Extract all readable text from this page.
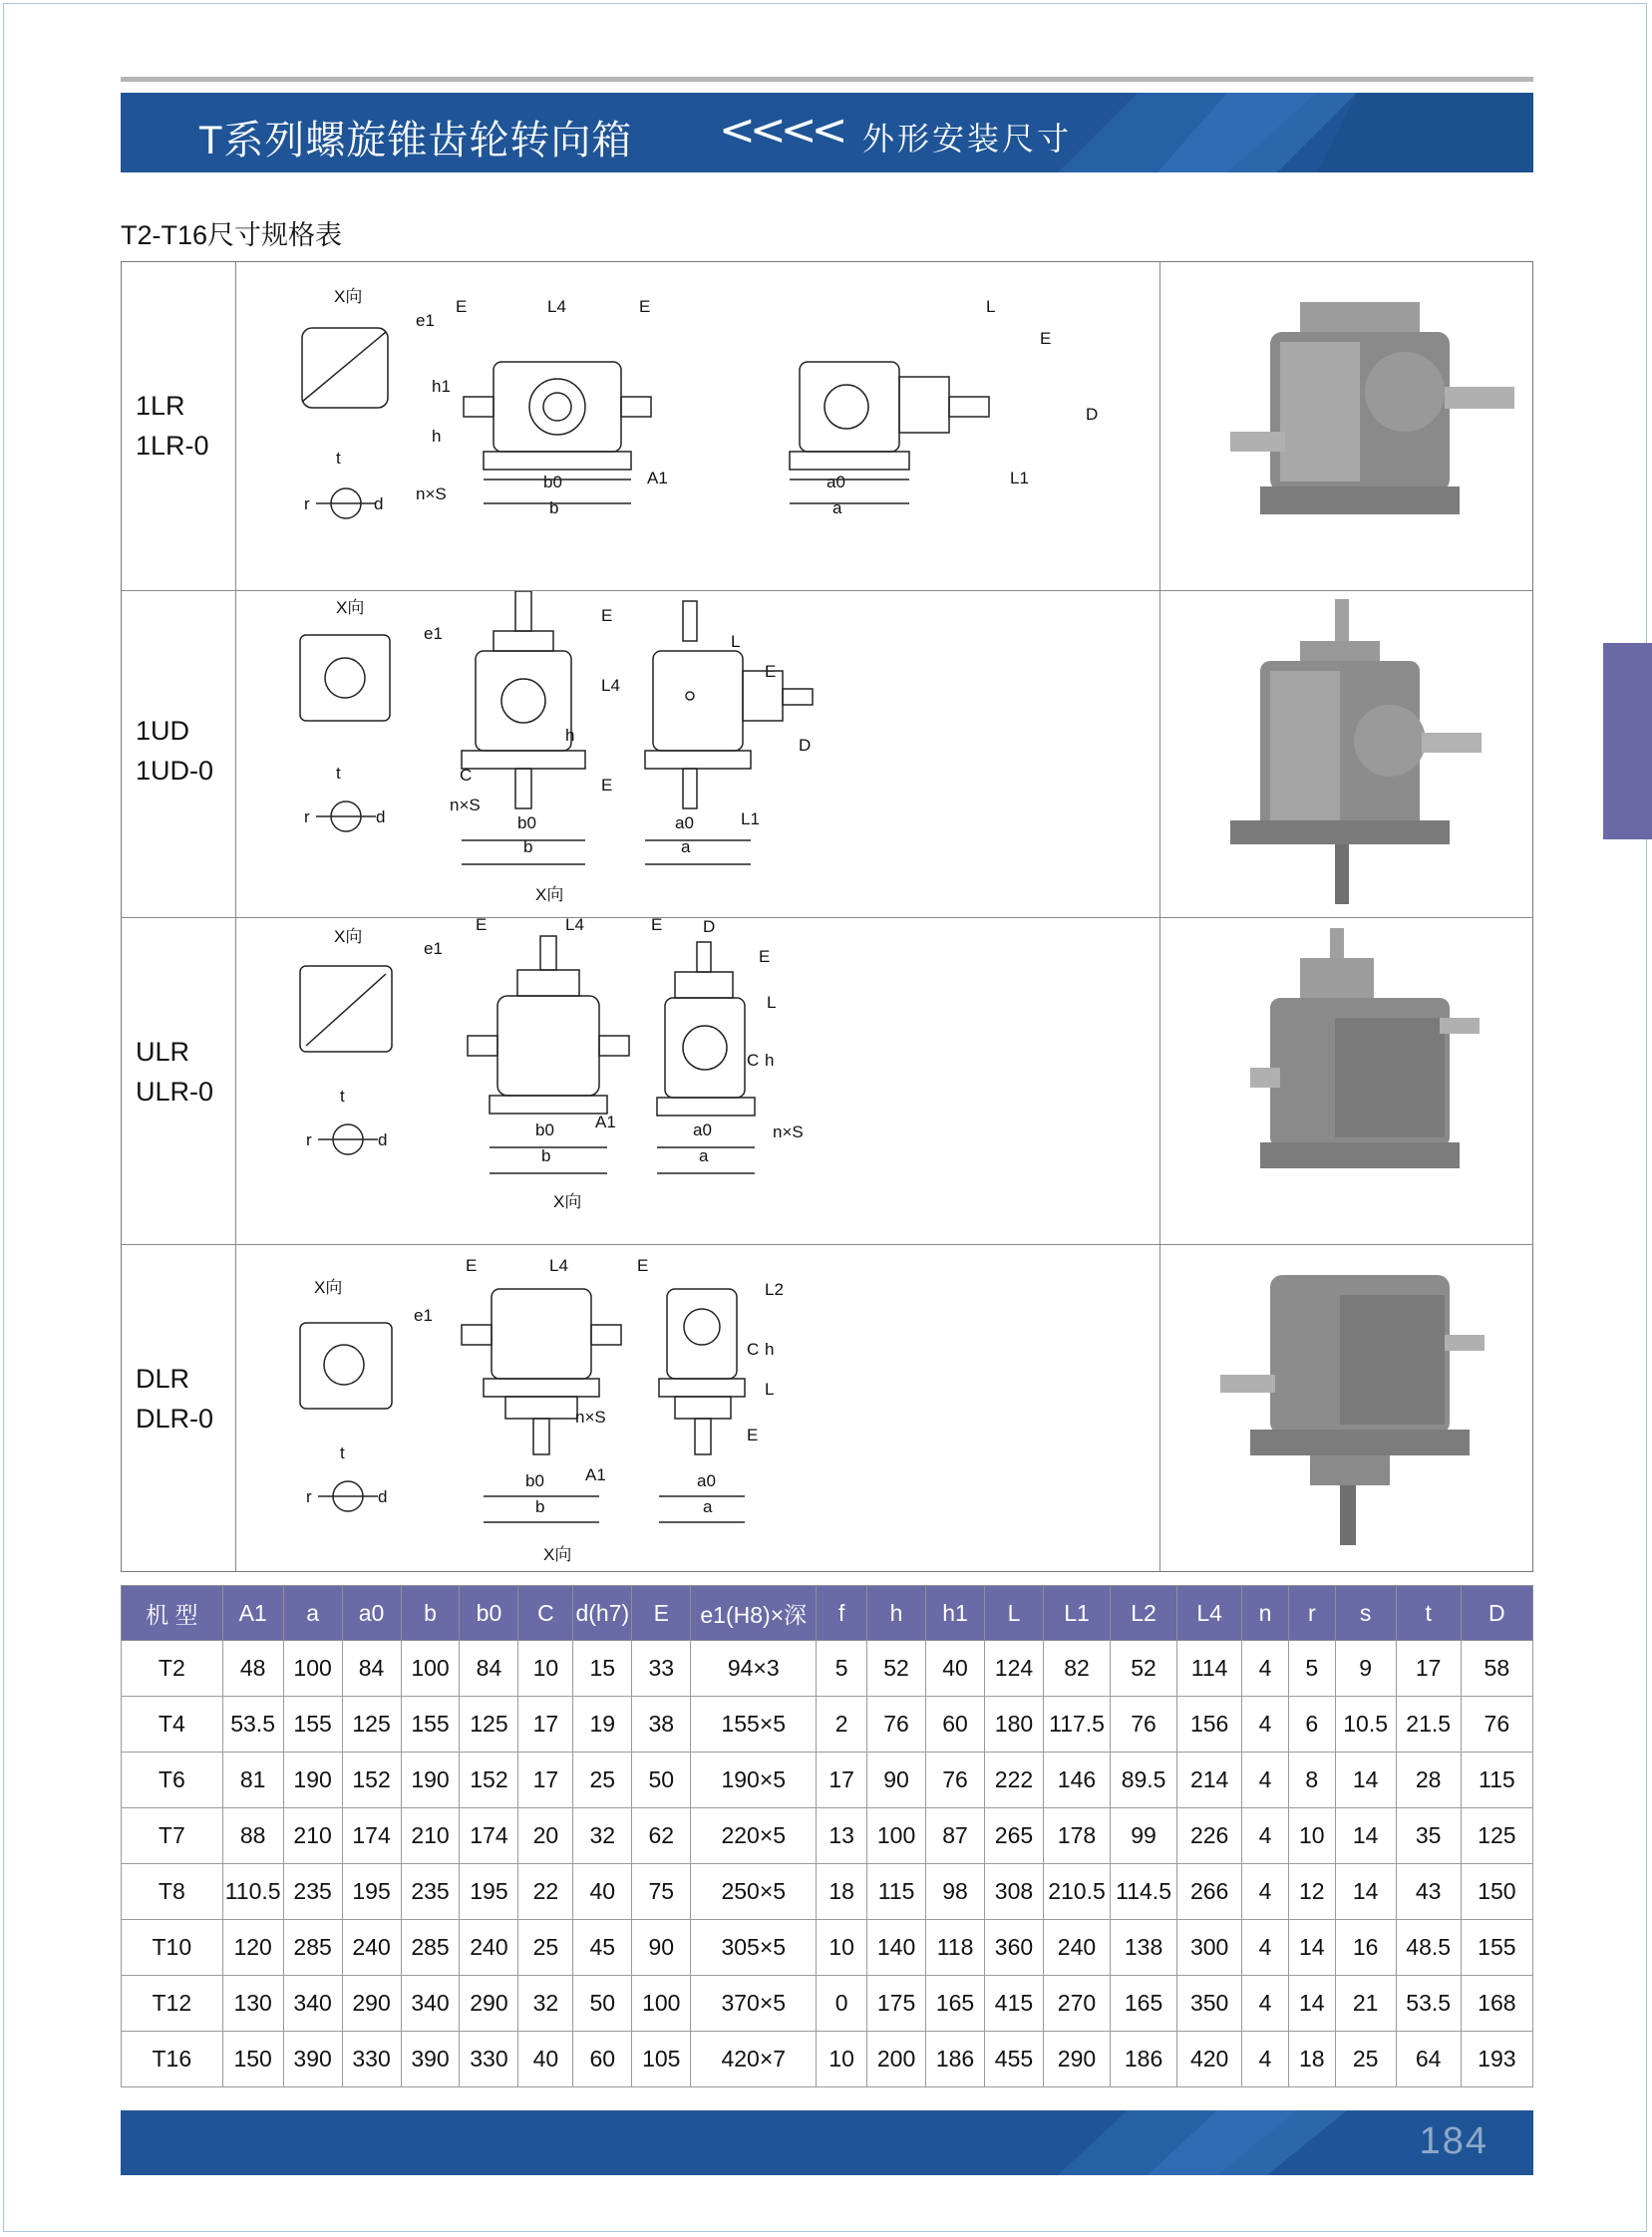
T系列螺旋锥齿轮转向箱 <<<< 外形安装尺寸
T2-T16尺寸规格表
1LR
1LR-0
1UD
1UD-0
ULR
ULR-0
DLR
DLR-0
X向
e1
t
r	d
E	L4	E
n×S
b0
b
A1
h1
h
L
E
D
a0
a
L1
X向
e1
t
r	d
E
L4
h
E
C
n×S
b0
b
X向
L
E
D
a0
a
L1
X向
e1
t
r	d
E	L4	E
b0
b
A1
X向
D
E
L
C h
n×S
a0
a
X向
e1
t
r	d
E	L4	E
n×S
b0
b
A1
X向
L2
C h
L
E
a0
a
机 型	A1	a	a0	b	b0	C	d(h7)	E	e1(H8)×深	f	h	h1	L	L1	L2	L4	n	r	s	t	D
T2	48	100	84	100	84	10	15	33	94×3	5	52	40	124	82	52	114	4	5	9	17	58
T4	53.5	155	125	155	125	17	19	38	155×5	2	76	60	180	117.5	76	156	4	6	10.5	21.5	76
T6	81	190	152	190	152	17	25	50	190×5	17	90	76	222	146	89.5	214	4	8	14	28	115
T7	88	210	174	210	174	20	32	62	220×5	13	100	87	265	178	99	226	4	10	14	35	125
T8	110.5	235	195	235	195	22	40	75	250×5	18	115	98	308	210.5	114.5	266	4	12	14	43	150
T10	120	285	240	285	240	25	45	90	305×5	10	140	118	360	240	138	300	4	14	16	48.5	155
T12	130	340	290	340	290	32	50	100	370×5	0	175	165	415	270	165	350	4	14	21	53.5	168
T16	150	390	330	390	330	40	60	105	420×7	10	200	186	455	290	186	420	4	18	25	64	193
184
